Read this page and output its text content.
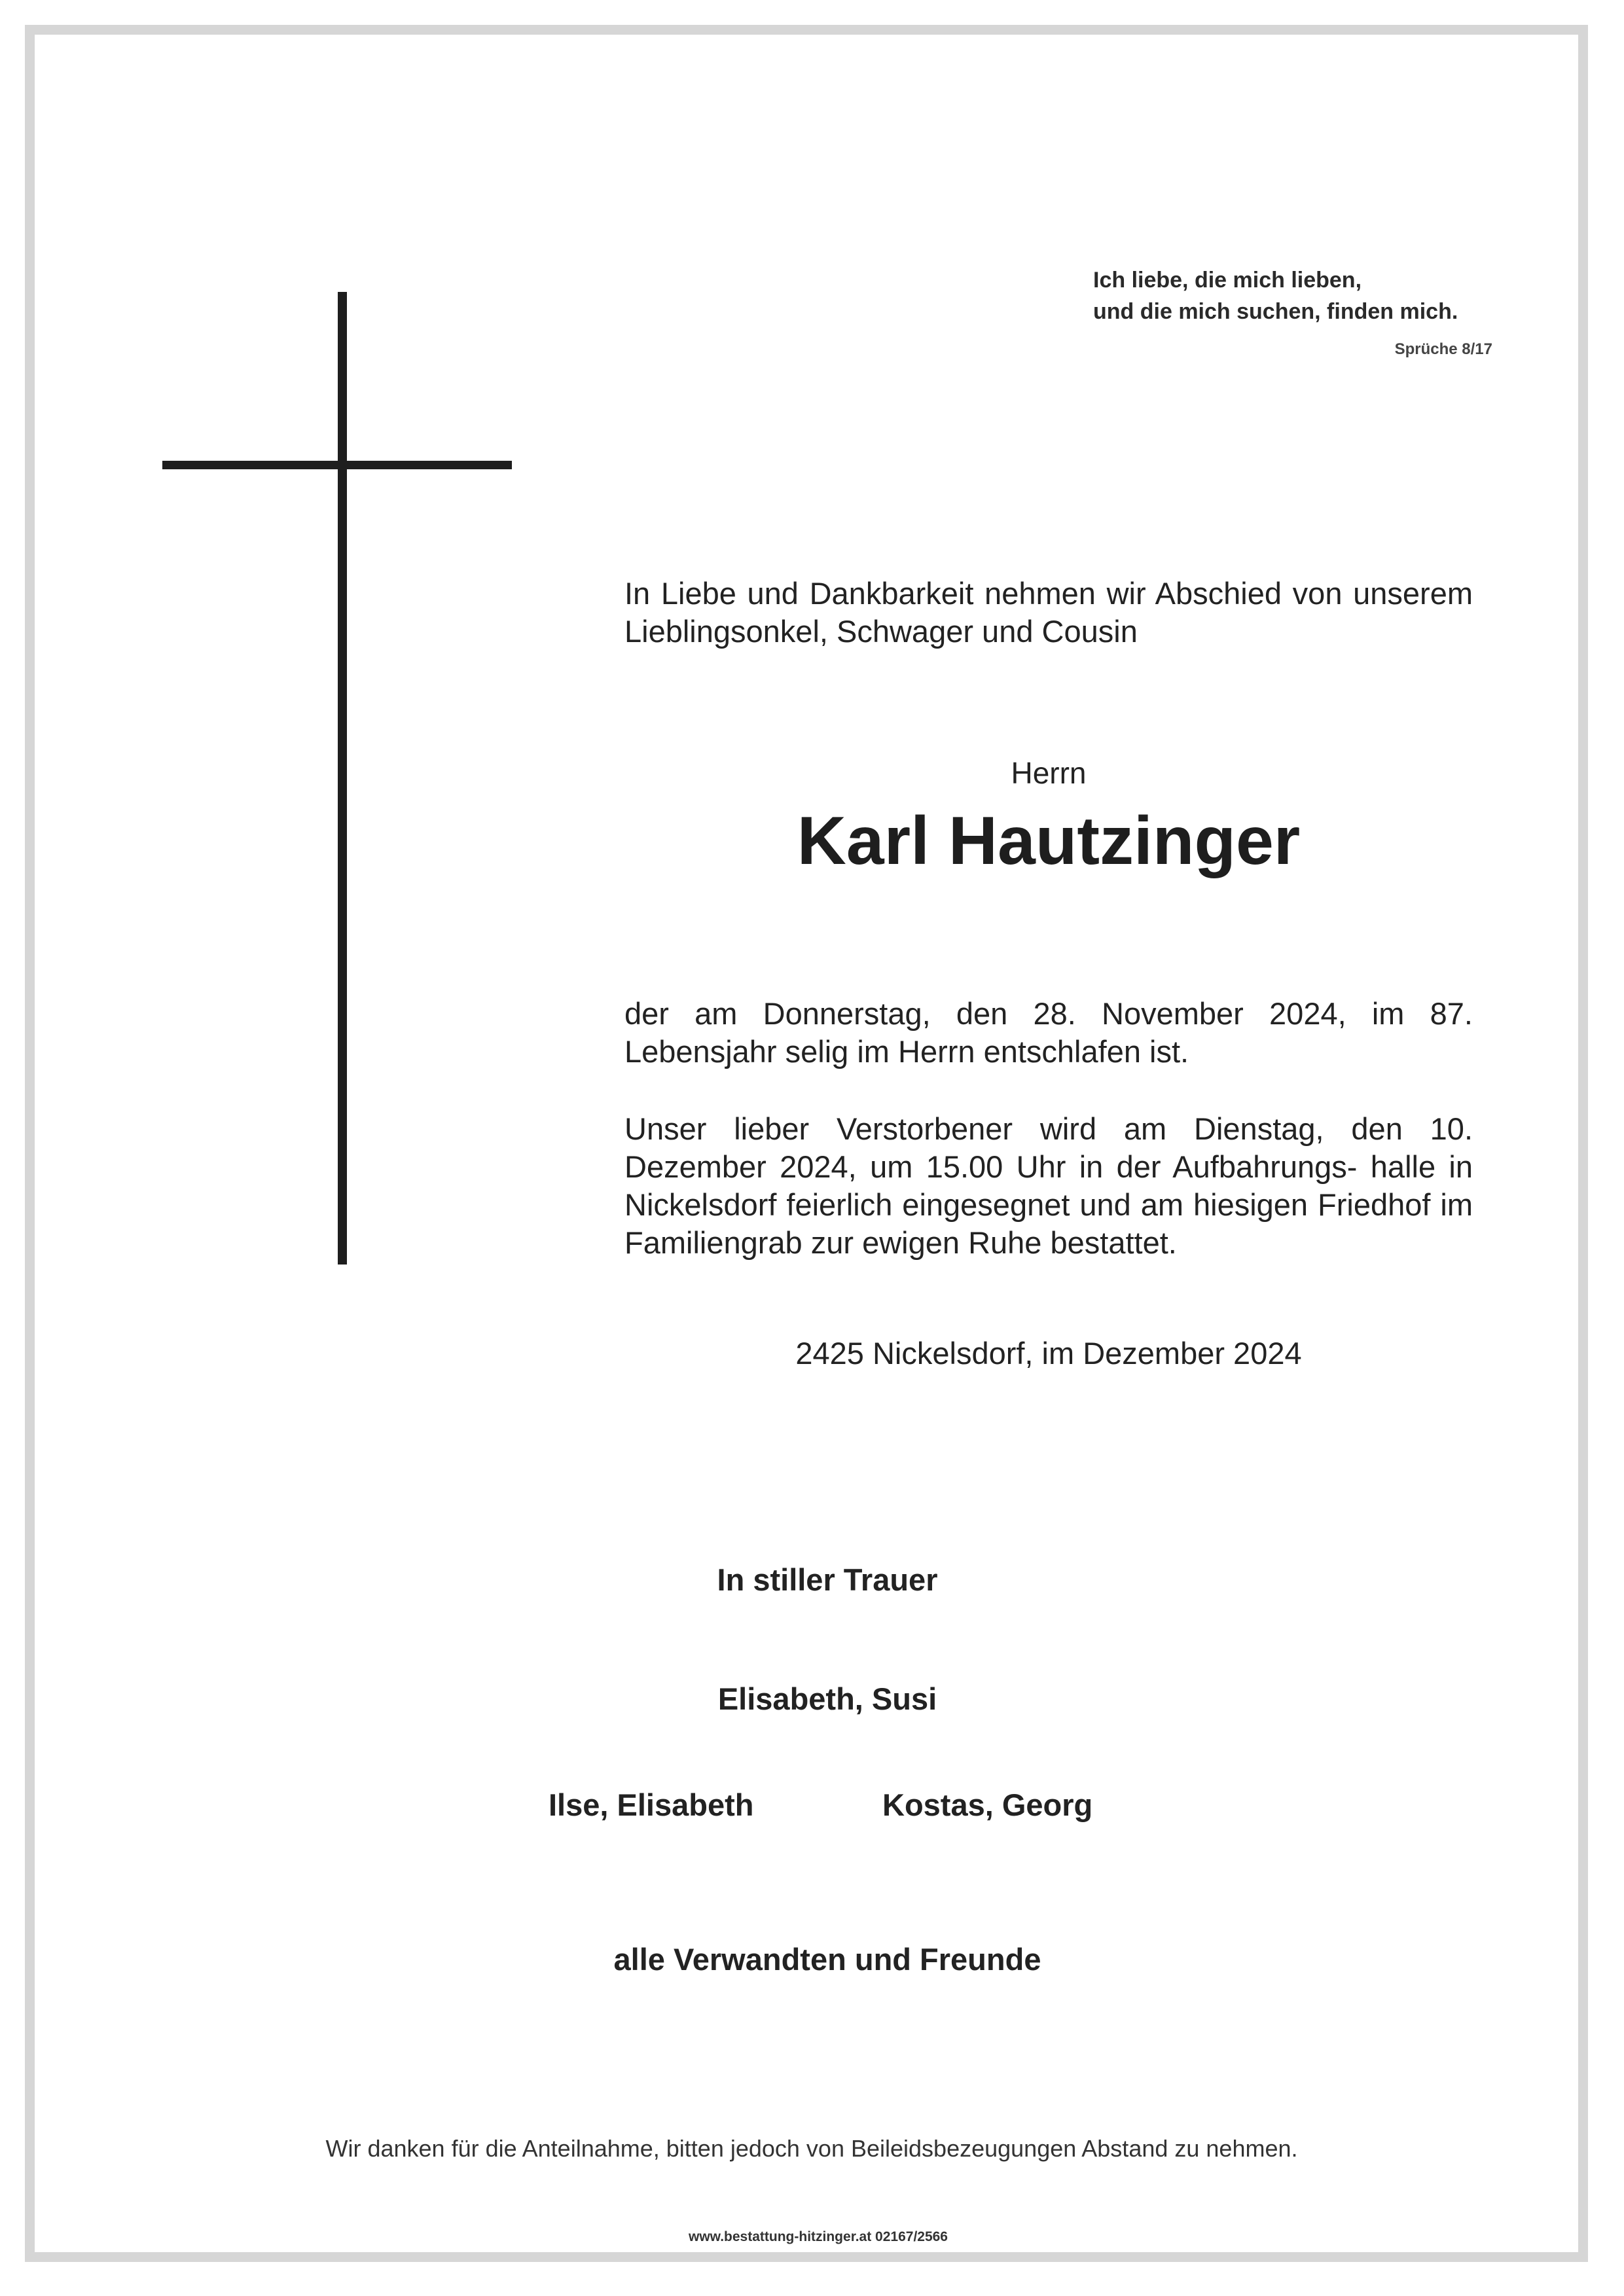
Ich liebe, die mich lieben,
und die mich suchen, finden mich.
Sprüche 8/17
In Liebe und Dankbarkeit nehmen wir Abschied von unserem Lieblingsonkel, Schwager und Cousin
Herrn
Karl Hautzinger
der am Donnerstag, den 28. November 2024, im 87. Lebensjahr selig im Herrn entschlafen ist.
Unser lieber Verstorbener wird am Dienstag, den 10. Dezember 2024, um 15.00 Uhr in der Aufbahrungs- halle in Nickelsdorf feierlich eingesegnet und am hiesigen Friedhof im Familiengrab zur ewigen Ruhe bestattet.
2425 Nickelsdorf, im Dezember 2024
In stiller Trauer
Elisabeth, Susi
Ilse, Elisabeth	Kostas, Georg
alle Verwandten und Freunde
Wir danken für die Anteilnahme, bitten jedoch von Beileidsbezeugungen Abstand zu nehmen.
www.bestattung-hitzinger.at 02167/2566
